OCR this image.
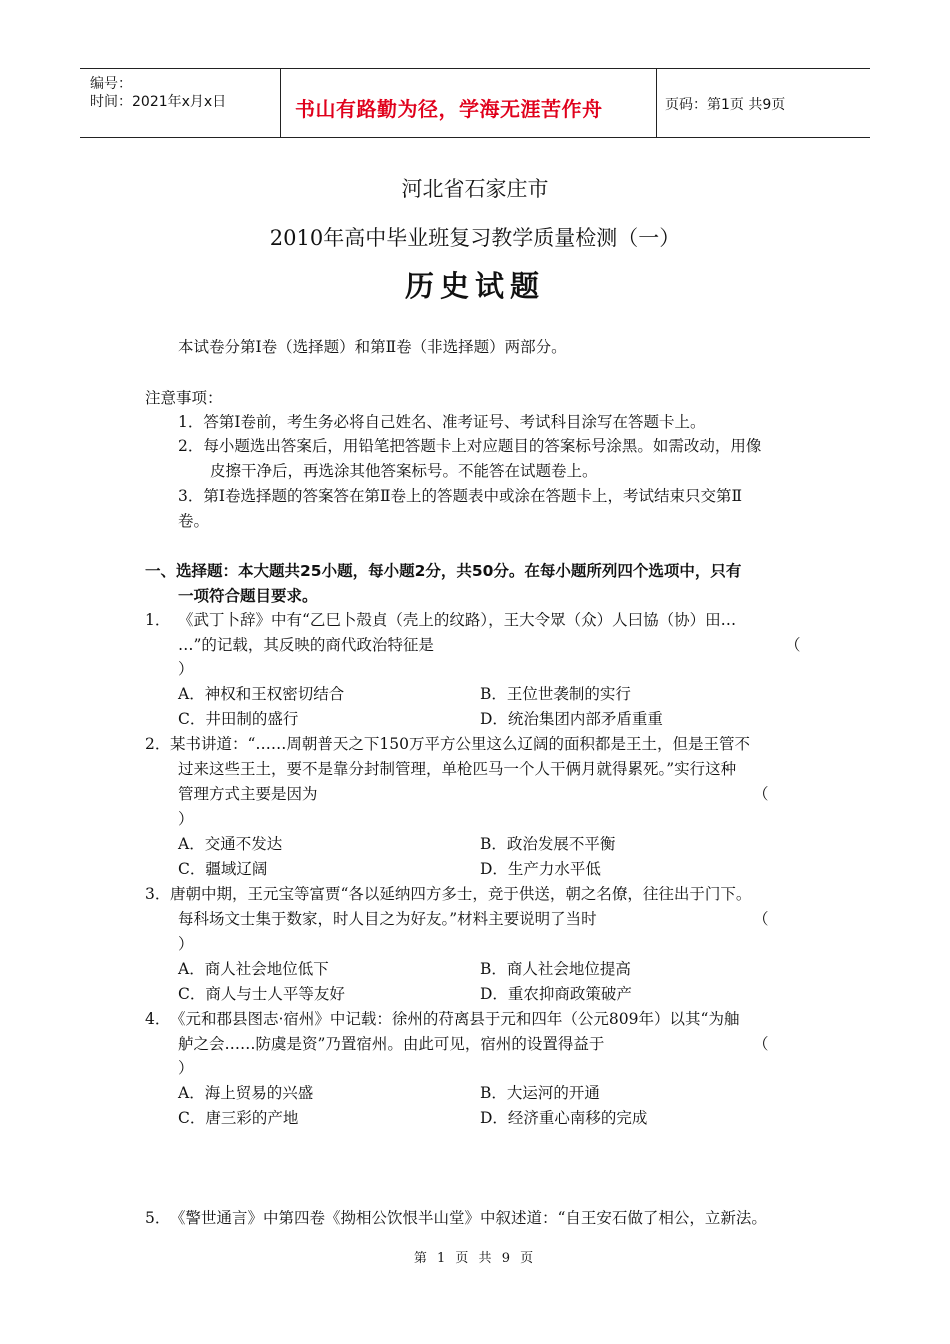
编号：
时间：2021年x月x日	书山有路勤为径，学海无涯苦作舟	页码：第1页 共9页
河北省石家庄市
2010年高中毕业班复习教学质量检测（一）
历史试题
本试卷分第Ⅰ卷（选择题）和第Ⅱ卷（非选择题）两部分。
注意事项：
1．答第Ⅰ卷前，考生务必将自己姓名、准考证号、考试科目涂写在答题卡上。
2．每小题选出答案后，用铅笔把答题卡上对应题目的答案标号涂黑。如需改动，用像
皮擦干净后，再选涂其他答案标号。不能答在试题卷上。
3．第Ⅰ卷选择题的答案答在第Ⅱ卷上的答题表中或涂在答题卡上，考试结束只交第Ⅱ
卷。
一、选择题：本大题共25小题，每小题2分，共50分。在每小题所列四个选项中，只有
一项符合题目要求。
1． 《武丁卜辞》中有“乙巳卜殻貞（壳上的纹路），王大令眾（众）人曰協（协）田…
…”的记载，其反映的商代政治特征是	（
）
A．神权和王权密切结合	B．王位世袭制的实行
C．井田制的盛行	D．统治集团内部矛盾重重
2． 某书讲道：“……周朝普天之下150万平方公里这么辽阔的面积都是王土，但是王管不
过来这些王土，要不是靠分封制管理，单枪匹马一个人干俩月就得累死。”实行这种
管理方式主要是因为	（
）
A．交通不发达	B．政治发展不平衡
C．疆域辽阔	D．生产力水平低
3． 唐朝中期，王元宝等富贾“各以延纳四方多士，竞于供送，朝之名僚，往往出于门下。
每科场文士集于数家，时人目之为好友。”材料主要说明了当时	（
）
A．商人社会地位低下	B．商人社会地位提高
C．商人与士人平等友好	D．重农抑商政策破产
4． 《元和郡县图志·宿州》中记载：徐州的苻离县于元和四年（公元809年）以其“为舳
舻之会……防虞是资”乃置宿州。由此可见，宿州的设置得益于	（
）
A．海上贸易的兴盛	B．大运河的开通
C．唐三彩的产地	D．经济重心南移的完成
5． 《警世通言》中第四卷《拗相公饮恨半山堂》中叙述道：“自王安石做了相公，立新法。
第 1 页 共 9 页
